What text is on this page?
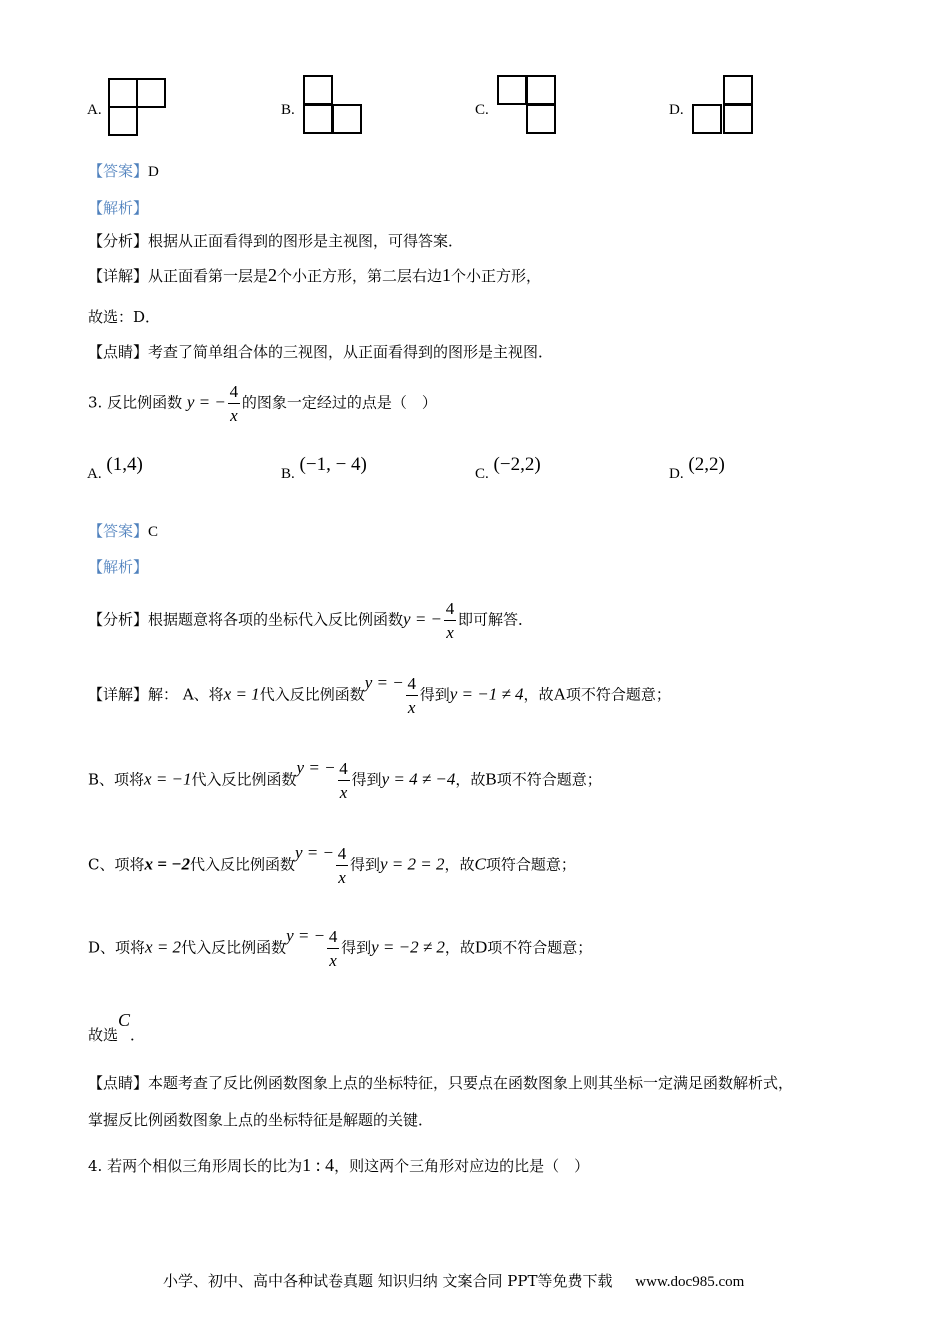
A.	B.	C.	D.
【答案】D
【解析】
【分析】根据从正面看得到的图形是主视图，可得答案．
【详解】从正面看第一层是2个小正方形，第二层右边1个小正方形，
故选：D．
【点睛】考查了简单组合体的三视图，从正面看得到的图形是主视图．
3. 反比例函数 y = − $\frac{4}{x}$ 的图象一定经过的点是（　）
A. (1,4)	B. (−1, − 4)	C. (−2,2)	D. (2,2)
【答案】C
【解析】
【分析】根据题意将各项的坐标代入反比例函数y = − $\frac{4}{x}$ 即可解答．
【详解】解： A、将x = 1代入反比例函数y = − $\frac{4}{x}$ 得到y = −1 ≠ 4，故A项不符合题意；
B、项将x = −1代入反比例函数y = − $\frac{4}{x}$ 得到y = 4 ≠ −4，故B项不符合题意；
C、项将x = −2代入反比例函数y = − $\frac{4}{x}$ 得到y = 2 = 2，故C项符合题意；
D、项将x = 2代入反比例函数y = − $\frac{4}{x}$ 得到y = −2 ≠ 2，故D项不符合题意；
故选C．
【点睛】本题考查了反比例函数图象上点的坐标特征，只要点在函数图象上则其坐标一定满足函数解析式，
掌握反比例函数图象上点的坐标特征是解题的关键．
4. 若两个相似三角形周长的比为1 : 4，则这两个三角形对应边的比是（　）
小学、初中、高中各种试卷真题 知识归纳 文案合同 PPT等免费下载 www.doc985.com
